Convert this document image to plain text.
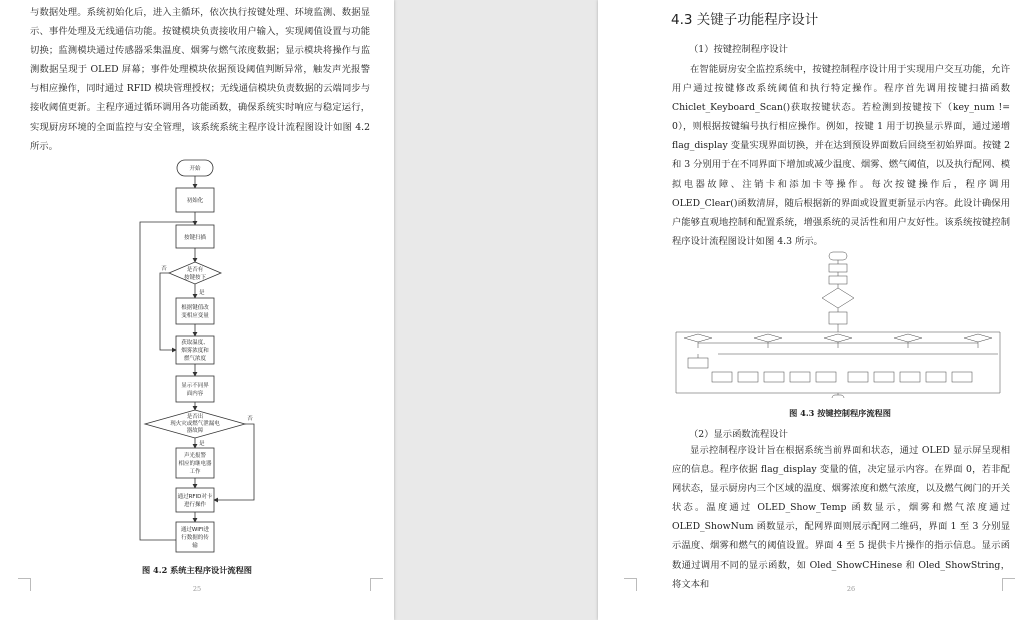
与数据处理。系统初始化后，进入主循环，依次执行按键处理、环境监测、数据显示、事件处理及无线通信功能。按键模块负责接收用户输入，实现阈值设置与功能切换；监测模块通过传感器采集温度、烟雾与燃气浓度数据；显示模块将操作与监测数据呈现于 OLED 屏幕；事件处理模块依据预设阈值判断异常，触发声光报警与相应操作，同时通过 RFID 模块管理授权；无线通信模块负责数据的云端同步与接收阈值更新。主程序通过循环调用各功能函数，确保系统实时响应与稳定运行，实现厨房环境的全面监控与安全管理，该系统系统主程序设计流程图设计如图 4.2 所示。

开始
初始化
按键扫描
是否有
按键按下
根据键值改
变相应变量
获取温度、
烟雾浓度和
燃气浓度
显示不同界
面内容
是否出
现火灾或燃气泄漏电
器故障
声光报警
相应的继电器
工作
通过RFID对卡
进行操作
通过WIFI进
行数据的传
输
是
否
是
否
图 4.2 系统主程序设计流程图
25
4.3 关键子功能程序设计
（1）按键控制程序设计

在智能厨房安全监控系统中，按键控制程序设计用于实现用户交互功能，允许用户通过按键修改系统阈值和执行特定操作。程序首先调用按键扫描函数 Chiclet_Keyboard_Scan()获取按键状态。若检测到按键按下（key_num != 0），则根据按键编号执行相应操作。例如，按键 1 用于切换显示界面，通过递增 flag_display 变量实现界面切换，并在达到预设界面数后回绕至初始界面。按键 2 和 3 分别用于在不同界面下增加或减少温度、烟雾、燃气阈值，以及执行配网、模拟电器故障、注销卡和添加卡等操作。每次按键操作后，程序调用 OLED_Clear()函数清屏，随后根据新的界面或设置更新显示内容。此设计确保用户能够直观地控制和配置系统，增强系统的灵活性和用户友好性。该系统按键控制程序设计流程图设计如图 4.3 所示。

图 4.3 按键控制程序流程图
（2）显示函数流程设计

显示控制程序设计旨在根据系统当前界面和状态，通过 OLED 显示屏呈现相应的信息。程序依据 flag_display 变量的值，决定显示内容。在界面 0，若非配网状态，显示厨房内三个区域的温度、烟雾浓度和燃气浓度，以及燃气阀门的开关状态。温度通过 OLED_Show_Temp 函数显示，烟雾和燃气浓度通过 OLED_ShowNum 函数显示，配网界面则展示配网二维码，界面 1 至 3 分别显示温度、烟雾和燃气的阈值设置。界面 4 至 5 提供卡片操作的指示信息。显示函数通过调用不同的显示函数，如 Oled_ShowCHinese 和 Oled_ShowString，将文本和	26
